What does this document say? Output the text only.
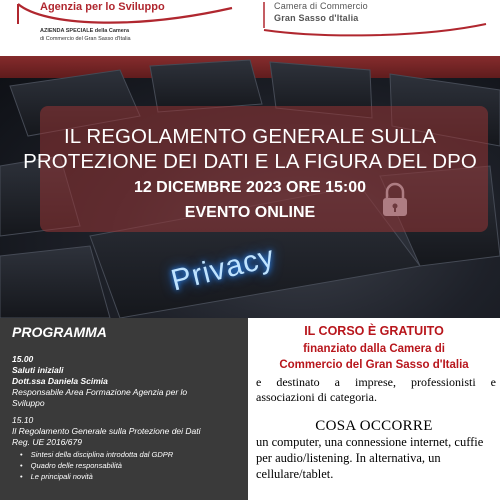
Agenzia per lo Sviluppo
AZIENDA SPECIALE della Camera
di Commercio del Gran Sasso d'Italia
Camera di Commercio
Gran Sasso d'Italia
IL REGOLAMENTO GENERALE SULLA
PROTEZIONE DEI DATI E LA FIGURA DEL DPO
12 DICEMBRE 2023 ORE 15:00
EVENTO ONLINE
Privacy
PROGRAMMA
15.00
Saluti iniziali
Dott.ssa Daniela Scimia
Responsabile Area Formazione Agenzia per lo
Sviluppo
15.10
Il Regolamento Generale sulla Protezione dei Dati
Reg. UE 2016/679
• Sintesi della disciplina introdotta dal GDPR
• Quadro delle responsabilità
• Le principali novità
IL CORSO È GRATUITO
finanziato dalla Camera di
Commercio del Gran Sasso d'Italia
e destinato a imprese, professionisti e associazioni di categoria.
COSA OCCORRE
un computer, una connessione internet, cuffie per audio/listening. In alternativa, un cellulare/tablet.
